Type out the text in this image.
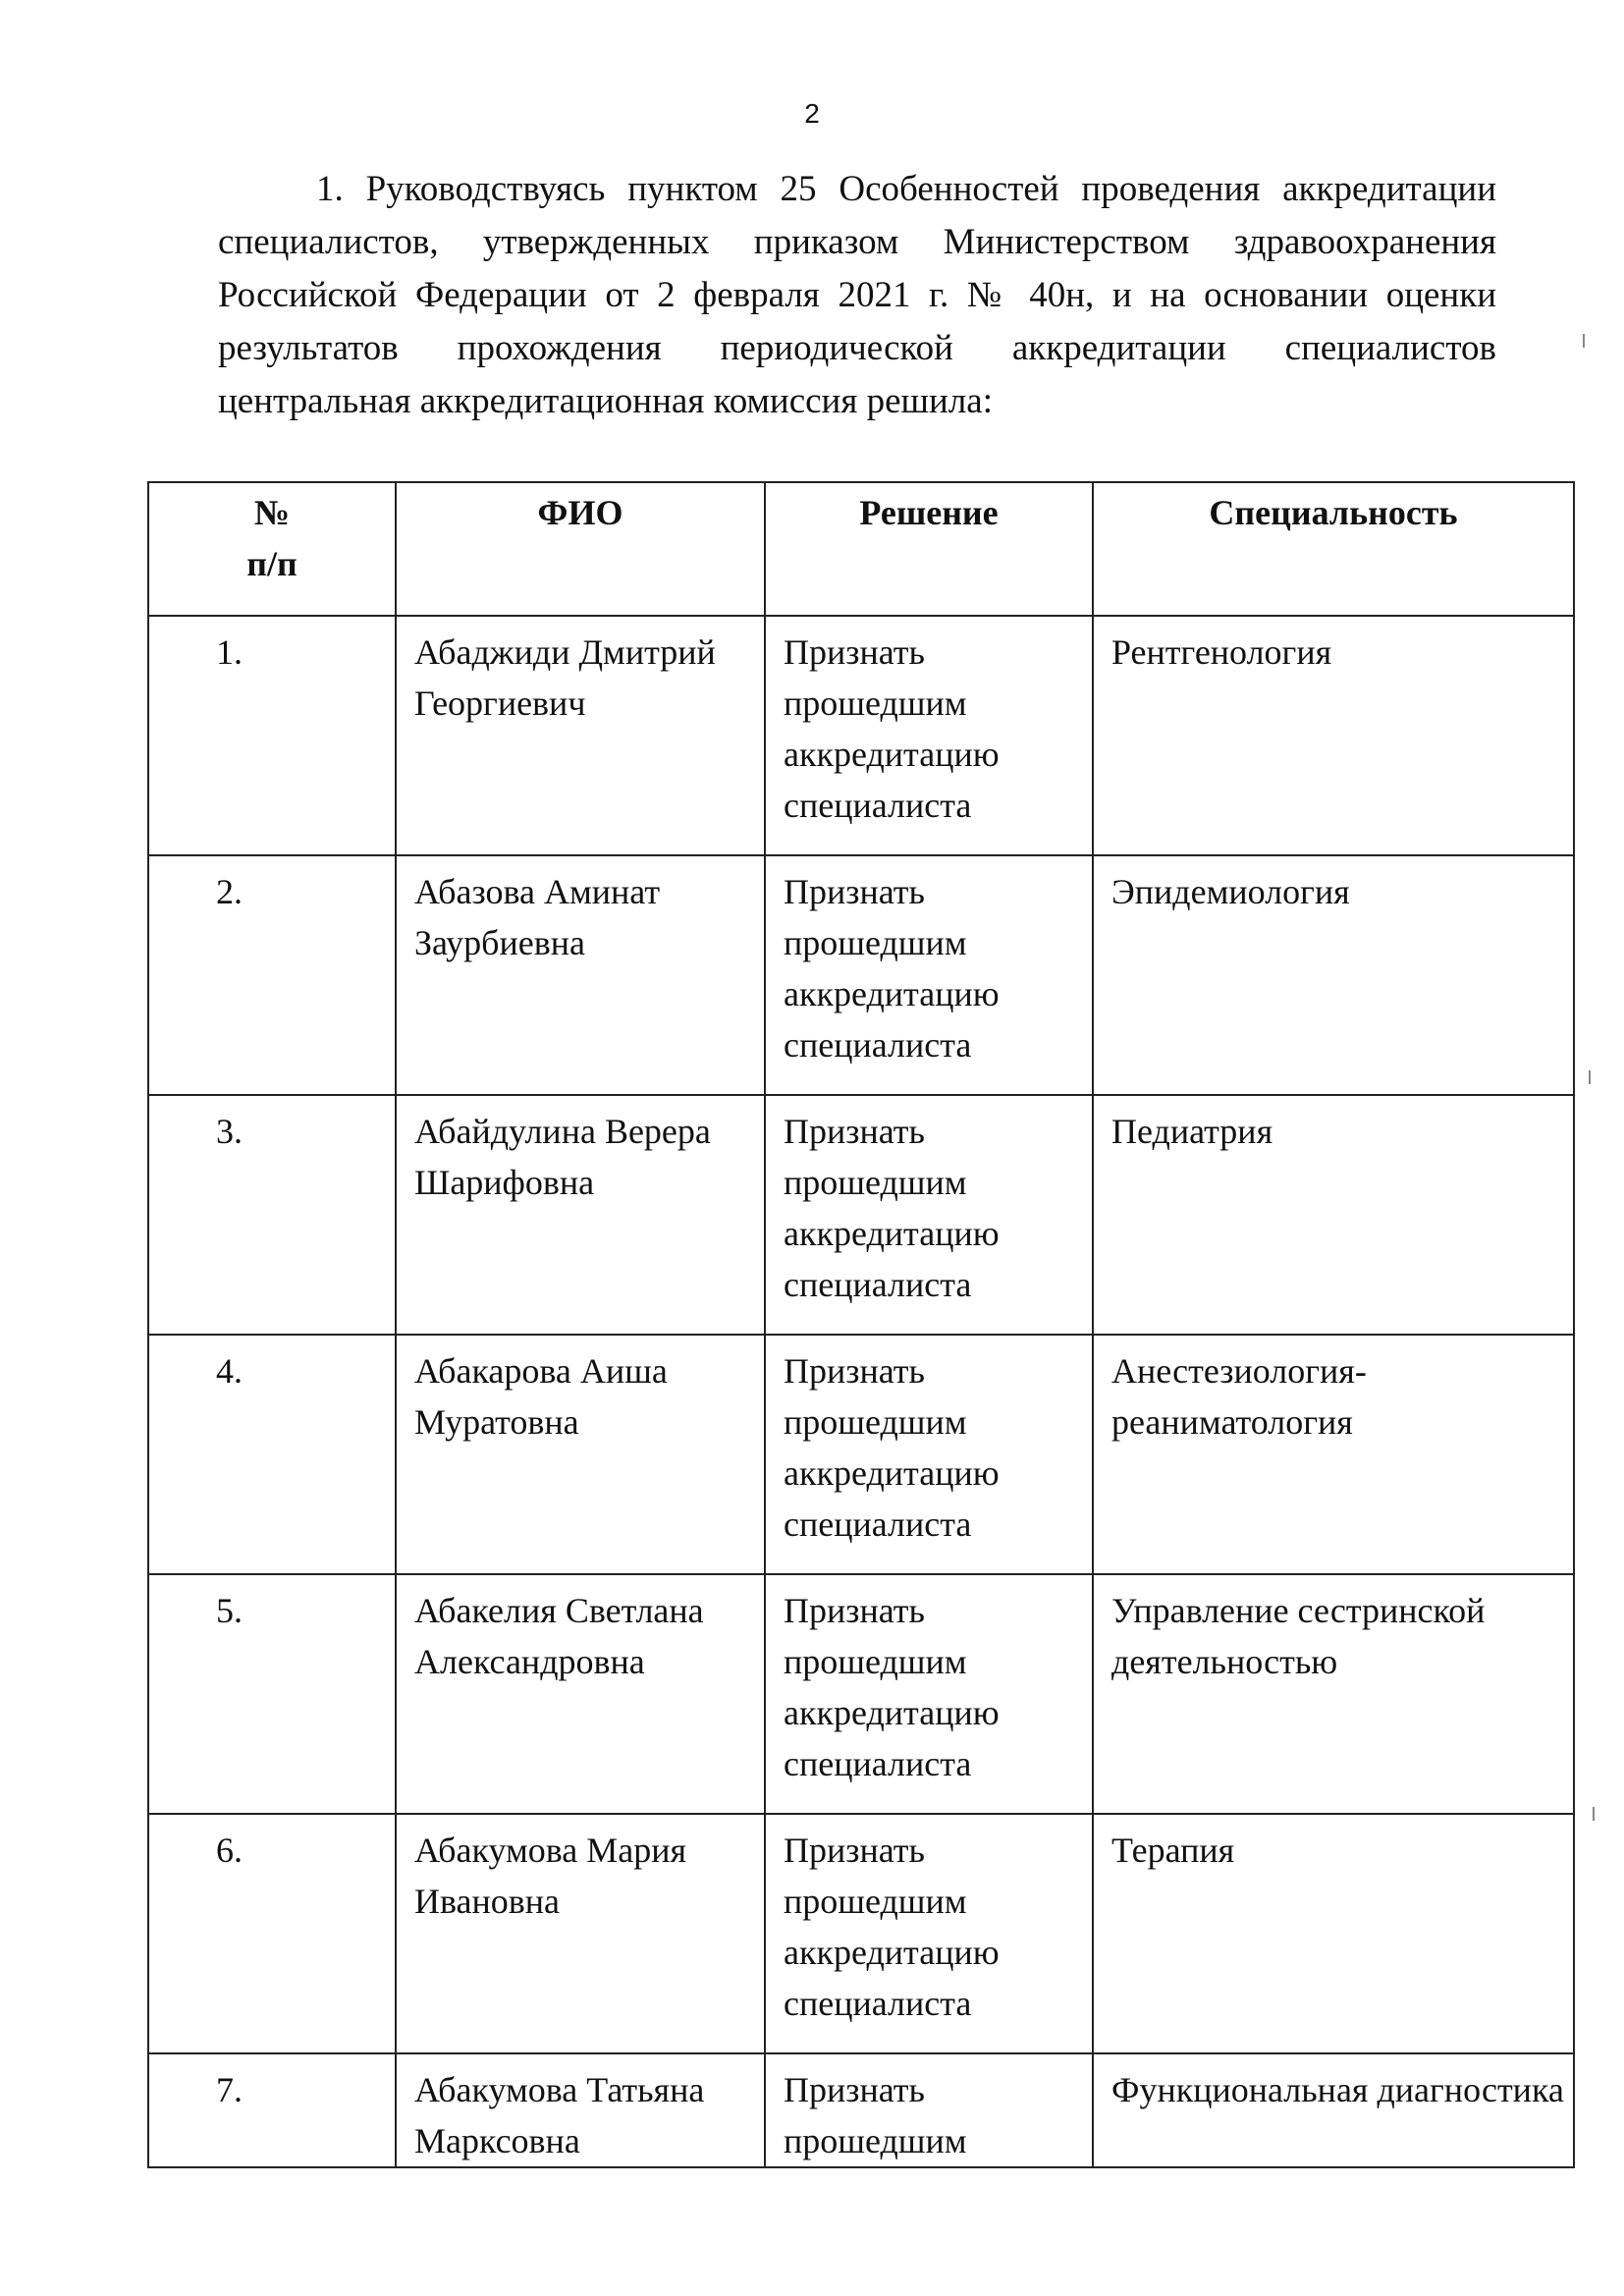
2

1. Руководствуясь пунктом 25 Особенностей проведения аккредитации специалистов, утвержденных приказом Министерством здравоохранения Российской Федерации от 2 февраля 2021 г. № 40н, и на основании оценки результатов прохождения периодической аккредитации специалистов центральная аккредитационная комиссия решила:

№
п/п	ФИО	Решение	Специальность
1.	Абаджиди Дмитрий Георгиевич	Признать прошедшим аккредитацию специалиста	Рентгенология
2.	Абазова Аминат Заурбиевна	Признать прошедшим аккредитацию специалиста	Эпидемиология
3.	Абайдулина Верера Шарифовна	Признать прошедшим аккредитацию специалиста	Педиатрия
4.	Абакарова Аиша Муратовна	Признать прошедшим аккредитацию специалиста	Анестезиология-реаниматология
5.	Абакелия Светлана Александровна	Признать прошедшим аккредитацию специалиста	Управление сестринской деятельностью
6.	Абакумова Мария Ивановна	Признать прошедшим аккредитацию специалиста	Терапия
7.	Абакумова Татьяна Марксовна	Признать прошедшим	Функциональная диагностика
